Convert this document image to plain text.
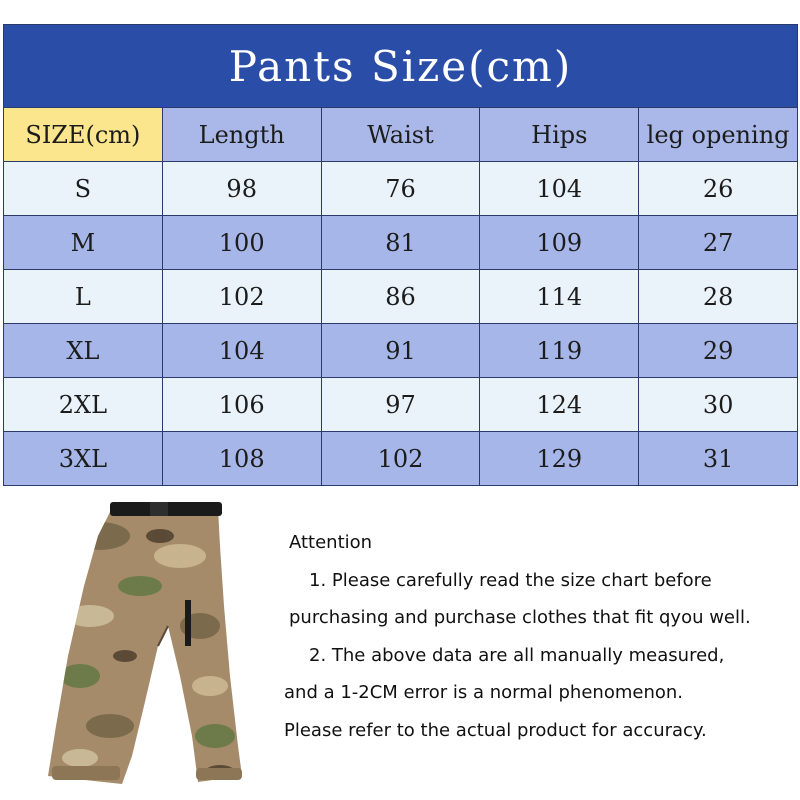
Pants Size(cm)				
SIZE(cm)	Length	Waist	Hips	leg opening
S	98	76	104	26
M	100	81	109	27
L	102	86	114	28
XL	104	91	119	29
2XL	106	97	124	30
3XL	108	102	129	31
Attention
1. Please carefully read the size chart before
purchasing and purchase clothes that fit qyou well.
2. The above data are all manually measured,
and a 1-2CM error is a normal phenomenon.
Please refer to the actual product for accuracy.
